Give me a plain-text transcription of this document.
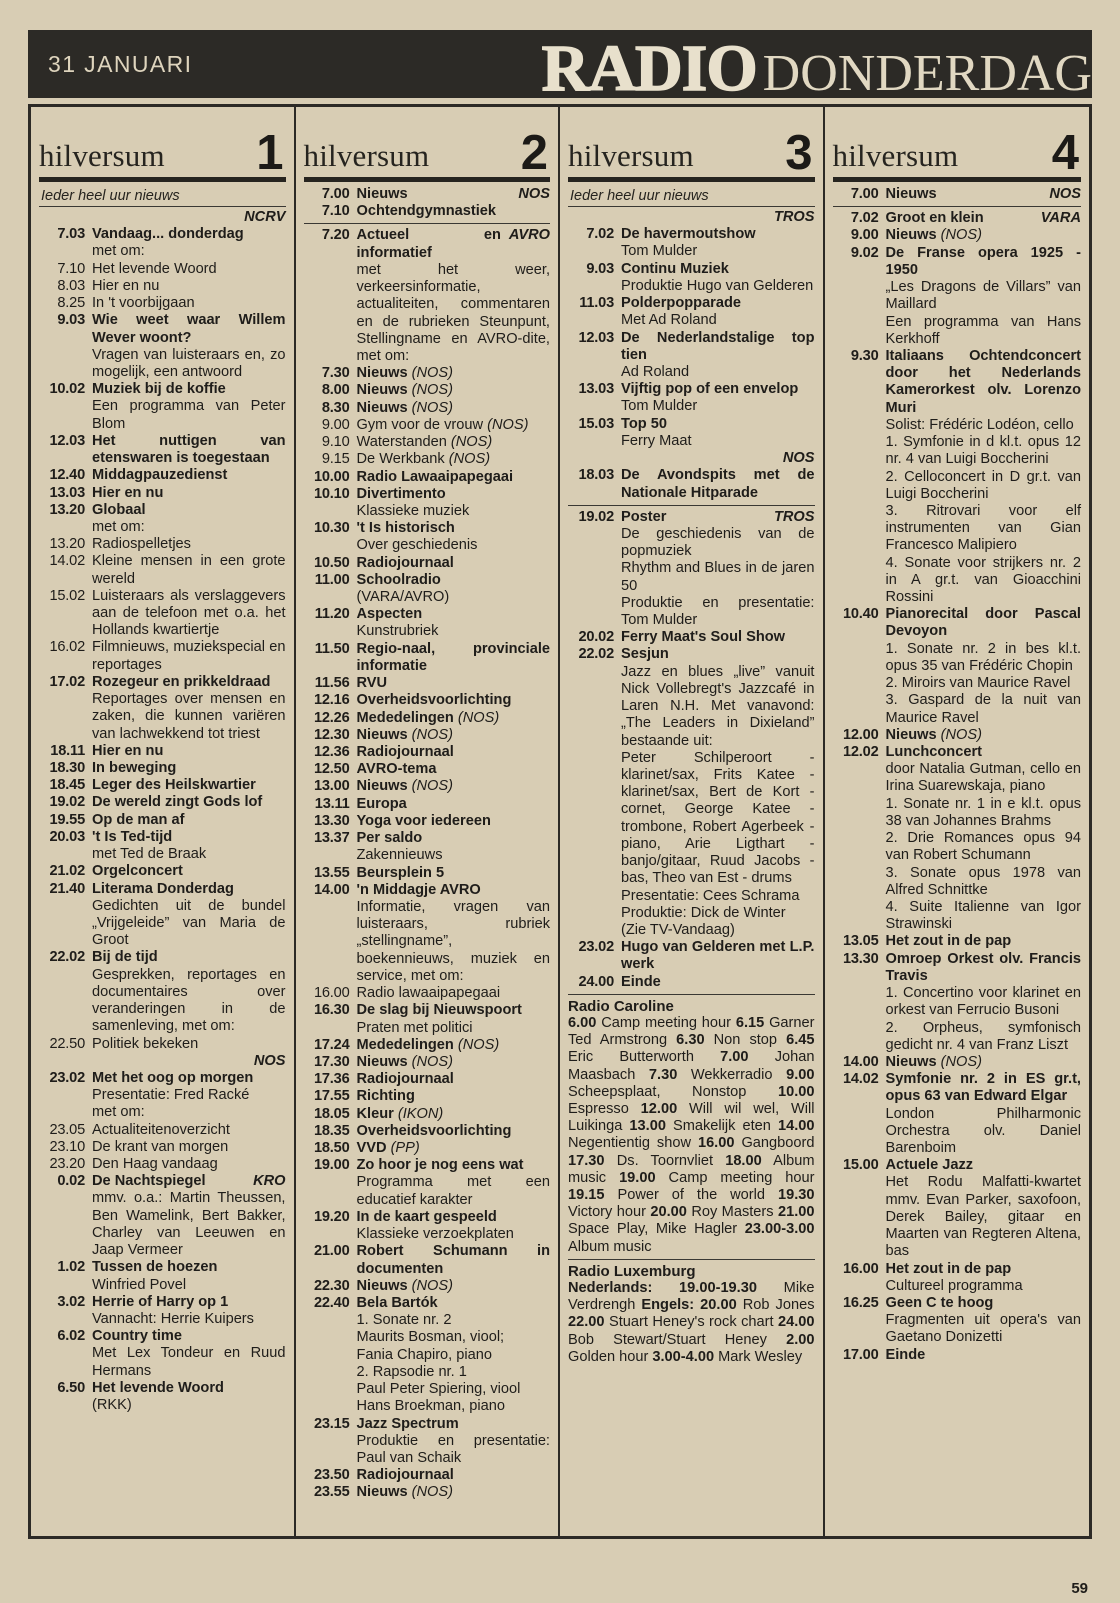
31 JANUARI	RADIO DONDERDAG
hilversum 1
Ieder heel uur nieuws
NCRV
7.03 Vandaag... donderdag
met om:
7.10 Het levende Woord
8.03 Hier en nu
8.25 In 't voorbijgaan
9.03 Wie weet waar Willem Wever woont?
Vragen van luisteraars en, zo mogelijk, een antwoord
10.02 Muziek bij de koffie
Een programma van Peter Blom
12.03 Het nuttigen van etenswaren is toegestaan
12.40 Middagpauzedienst
13.03 Hier en nu
13.20 Globaal
met om:
13.20 Radiospelletjes
14.02 Kleine mensen in een grote wereld
15.02 Luisteraars als verslaggevers aan de telefoon met o.a. het Hollands kwartiertje
16.02 Filmnieuws, muziekspecial en reportages
17.02 Rozegeur en prikkeldraad
Reportages over mensen en zaken, die kunnen variëren van lachwekkend tot triest
18.11 Hier en nu
18.30 In beweging
18.45 Leger des Heilskwartier
19.02 De wereld zingt Gods lof
19.55 Op de man af
20.03 't Is Ted-tijd
met Ted de Braak
21.02 Orgelconcert
21.40 Literama Donderdag
Gedichten uit de bundel „Vrijgeleide” van Maria de Groot
22.02 Bij de tijd
Gesprekken, reportages en documentaires over veranderingen in de samenleving, met om:
22.50 Politiek bekeken
NOS
23.02 Met het oog op morgen
Presentatie: Fred Racké
met om:
23.05 Actualiteitenoverzicht
23.10 De krant van morgen
23.20 Den Haag vandaag
0.02	KRO
De Nachtspiegel
mmv. o.a.: Martin Theussen, Ben Wamelink, Bert Bakker, Charley van Leeuwen en Jaap Vermeer
1.02 Tussen de hoezen
Winfried Povel
3.02 Herrie of Harry op 1
Vannacht: Herrie Kuipers
6.02 Country time
Met Lex Tondeur en Ruud Hermans
6.50 Het levende Woord
(RKK)
hilversum 2
7.00	NOS
Nieuws
7.10 Ochtendgymnastiek
7.20	AVRO
Actueel en informatief
met het weer, verkeersinformatie, actualiteiten, commentaren en de rubrieken Steunpunt, Stellingname en AVRO-dite, met om:
7.30 Nieuws (NOS)
8.00 Nieuws (NOS)
8.30 Nieuws (NOS)
9.00 Gym voor de vrouw (NOS)
9.10 Waterstanden (NOS)
9.15 De Werkbank (NOS)
10.00 Radio Lawaaipapegaai
10.10 Divertimento
Klassieke muziek
10.30 't Is historisch
Over geschiedenis
10.50 Radiojournaal
11.00 Schoolradio
(VARA/AVRO)
11.20 Aspecten
Kunstrubriek
11.50 Regio-naal, provinciale informatie
11.56 RVU
12.16 Overheidsvoorlichting
12.26 Mededelingen (NOS)
12.30 Nieuws (NOS)
12.36 Radiojournaal
12.50 AVRO-tema
13.00 Nieuws (NOS)
13.11 Europa
13.30 Yoga voor iedereen
13.37 Per saldo
Zakennieuws
13.55 Beursplein 5
14.00 'n Middagje AVRO
Informatie, vragen van luisteraars, rubriek „stellingname”, boekennieuws, muziek en service, met om:
16.00 Radio lawaaipapegaai
16.30 De slag bij Nieuwspoort
Praten met politici
17.24 Mededelingen (NOS)
17.30 Nieuws (NOS)
17.36 Radiojournaal
17.55 Richting
18.05 Kleur (IKON)
18.35 Overheidsvoorlichting
18.50 VVD (PP)
19.00 Zo hoor je nog eens wat
Programma met een educatief karakter
19.20 In de kaart gespeeld
Klassieke verzoekplaten
21.00 Robert Schumann in documenten
22.30 Nieuws (NOS)
22.40 Bela Bartók
1. Sonate nr. 2
Maurits Bosman, viool;
Fania Chapiro, piano
2. Rapsodie nr. 1
Paul Peter Spiering, viool
Hans Broekman, piano
23.15 Jazz Spectrum
Produktie en presentatie: Paul van Schaik
23.50 Radiojournaal
23.55 Nieuws (NOS)
hilversum 3
Ieder heel uur nieuws
TROS
7.02 De havermoutshow
Tom Mulder
9.03 Continu Muziek
Produktie Hugo van Gelderen
11.03 Polderpopparade
Met Ad Roland
12.03 De Nederlandstalige top tien
Ad Roland
13.03 Vijftig pop of een envelop
Tom Mulder
15.03 Top 50
Ferry Maat
NOS
18.03 De Avondspits met de Nationale Hitparade
19.02	TROS
Poster
De geschiedenis van de popmuziek
Rhythm and Blues in de jaren 50
Produktie en presentatie: Tom Mulder
20.02 Ferry Maat's Soul Show
22.02 Sesjun
Jazz en blues „live” vanuit Nick Vollebregt's Jazzcafé in Laren N.H. Met vanavond: „The Leaders in Dixieland” bestaande uit:
Peter Schilperoort - klarinet/sax, Frits Katee - klarinet/sax, Bert de Kort - cornet, George Katee - trombone, Robert Agerbeek - piano, Arie Ligthart - banjo/gitaar, Ruud Jacobs - bas, Theo van Est - drums
Presentatie: Cees Schrama
Produktie: Dick de Winter
(Zie TV-Vandaag)
23.02 Hugo van Gelderen met L.P. werk
24.00 Einde
Radio Caroline
6.00 Camp meeting hour 6.15 Garner Ted Armstrong 6.30 Non stop 6.45 Eric Butterworth 7.00 Johan Maasbach 7.30 Wekkerradio 9.00 Scheepsplaat, Nonstop 10.00 Espresso 12.00 Will wil wel, Will Luikinga 13.00 Smakelijk eten 14.00 Negentientig show 16.00 Gangboord 17.30 Ds. Toornvliet 18.00 Album music 19.00 Camp meeting hour 19.15 Power of the world 19.30 Victory hour 20.00 Roy Masters 21.00 Space Play, Mike Hagler 23.00-3.00 Album music
Radio Luxemburg
Nederlands: 19.00-19.30 Mike Verdrengh Engels: 20.00 Rob Jones 22.00 Stuart Heney's rock chart 24.00 Bob Stewart/Stuart Heney 2.00 Golden hour 3.00-4.00 Mark Wesley
hilversum 4
7.00	NOS
Nieuws
7.02	VARA
Groot en klein
9.00 Nieuws (NOS)
9.02 De Franse opera 1925 - 1950
„Les Dragons de Villars” van Maillard
Een programma van Hans Kerkhoff
9.30 Italiaans Ochtendconcert door het Nederlands Kamerorkest olv. Lorenzo Muri
Solist: Frédéric Lodéon, cello
1. Symfonie in d kl.t. opus 12 nr. 4 van Luigi Boccherini
2. Celloconcert in D gr.t. van Luigi Boccherini
3. Ritrovari voor elf instrumenten van Gian Francesco Malipiero
4. Sonate voor strijkers nr. 2 in A gr.t. van Gioacchini Rossini
10.40 Pianorecital door Pascal Devoyon
1. Sonate nr. 2 in bes kl.t. opus 35 van Frédéric Chopin
2. Miroirs van Maurice Ravel
3. Gaspard de la nuit van Maurice Ravel
12.00 Nieuws (NOS)
12.02 Lunchconcert
door Natalia Gutman, cello en Irina Suarewskaja, piano
1. Sonate nr. 1 in e kl.t. opus 38 van Johannes Brahms
2. Drie Romances opus 94 van Robert Schumann
3. Sonate opus 1978 van Alfred Schnittke
4. Suite Italienne van Igor Strawinski
13.05 Het zout in de pap
13.30 Omroep Orkest olv. Francis Travis
1. Concertino voor klarinet en orkest van Ferrucio Busoni
2. Orpheus, symfonisch gedicht nr. 4 van Franz Liszt
14.00 Nieuws (NOS)
14.02 Symfonie nr. 2 in ES gr.t, opus 63 van Edward Elgar
London Philharmonic Orchestra olv. Daniel Barenboim
15.00 Actuele Jazz
Het Rodu Malfatti-kwartet mmv. Evan Parker, saxofoon, Derek Bailey, gitaar en Maarten van Regteren Altena, bas
16.00 Het zout in de pap
Cultureel programma
16.25 Geen C te hoog
Fragmenten uit opera's van Gaetano Donizetti
17.00 Einde
59
